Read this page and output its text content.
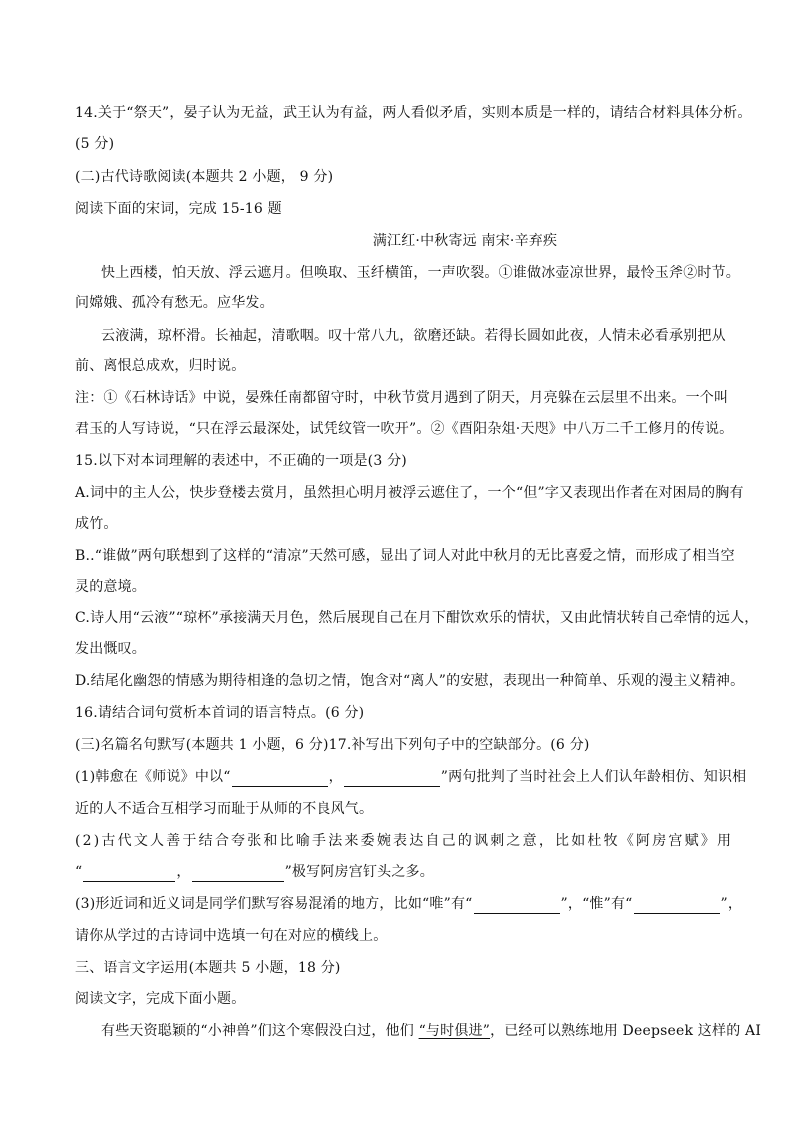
14.关于“祭天”，晏子认为无益，武王认为有益，两人看似矛盾，实则本质是一样的，请结合材料具体分析。
(5 分)
(二)古代诗歌阅读(本题共 2 小题， 9 分)
阅读下面的宋词，完成 15-16 题
满江红·中秋寄远 南宋·辛弃疾
快上西楼，怕天放、浮云遮月。但唤取、玉纤横笛，一声吹裂。①谁做冰壶凉世界，最怜玉斧②时节。
问嫦娥、孤冷有愁无。应华发。
云液满，琼杯滑。长袖起，清歌咽。叹十常八九，欲磨还缺。若得长圆如此夜，人情未必看承别把从
前、离恨总成欢，归时说。
注：①《石林诗话》中说，晏殊任南都留守时，中秋节赏月遇到了阴天，月亮躲在云层里不出来。一个叫
君玉的人写诗说，“只在浮云最深处，试凭纹管一吹开”。②《酉阳杂俎·天咫》中八万二千工修月的传说。
15.以下对本词理解的表述中，不正确的一项是(3 分)
A.词中的主人公，快步登楼去赏月，虽然担心明月被浮云遮住了，一个“但”字又表现出作者在对困局的胸有
成竹。
B..“谁做”两句联想到了这样的“清凉”天然可感，显出了词人对此中秋月的无比喜爱之情，而形成了相当空
灵的意境。
C.诗人用“云液”“琼杯”承接满天月色，然后展现自己在月下酣饮欢乐的情状，又由此情状转自己牵情的远人，
发出慨叹。
D.结尾化幽怨的情感为期待相逢的急切之情，饱含对“离人”的安慰，表现出一种简单、乐观的漫主义精神。
16.请结合词句赏析本首词的语言特点。(6 分)
(三)名篇名句默写(本题共 1 小题，6 分)17.补写出下列句子中的空缺部分。(6 分)
(1)韩愈在《师说》中以“	，	”两句批判了当时社会上人们认年龄相仿、知识相
近的人不适合互相学习而耻于从师的不良风气。
(2)古代文人善于结合夸张和比喻手法来委婉表达自己的讽刺之意，比如杜牧《阿房宫赋》用
“	，	”极写阿房宫钉头之多。
(3)形近词和近义词是同学们默写容易混淆的地方，比如“唯”有“	”，“惟”有“	”，
请你从学过的古诗词中选填一句在对应的横线上。
三、语言文字运用(本题共 5 小题，18 分)
阅读文字，完成下面小题。
有些天资聪颖的“小神兽”们这个寒假没白过，他们 “与时俱进”，已经可以熟练地用 Deepseek 这样的 AI
